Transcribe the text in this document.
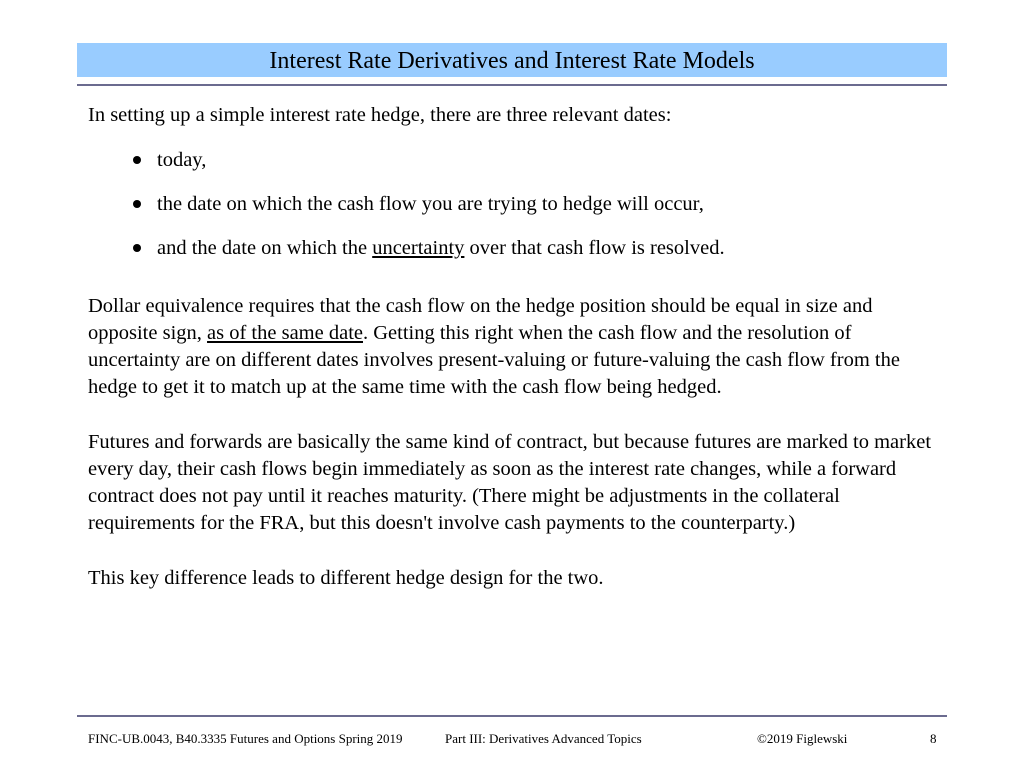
Interest Rate Derivatives and Interest Rate Models

In setting up a simple interest rate hedge, there are three relevant dates:

today,
the date on which the cash flow you are trying to hedge will occur,
and the date on which the uncertainty over that cash flow is resolved.

Dollar equivalence requires that the cash flow on the hedge position should be equal in size and opposite sign, as of the same date. Getting this right when the cash flow and the resolution of uncertainty are on different dates involves present-valuing or future-valuing the cash flow from the hedge to get it to match up at the same time with the cash flow being hedged.

Futures and forwards are basically the same kind of contract, but because futures are marked to market every day, their cash flows begin immediately as soon as the interest rate changes, while a forward contract does not pay until it reaches maturity. (There might be adjustments in the collateral requirements for the FRA, but this doesn't involve cash payments to the counterparty.)

This key difference leads to different hedge design for the two.

FINC-UB.0043, B40.3335 Futures and Options Spring 2019	Part III: Derivatives Advanced Topics	©2019 Figlewski	8
